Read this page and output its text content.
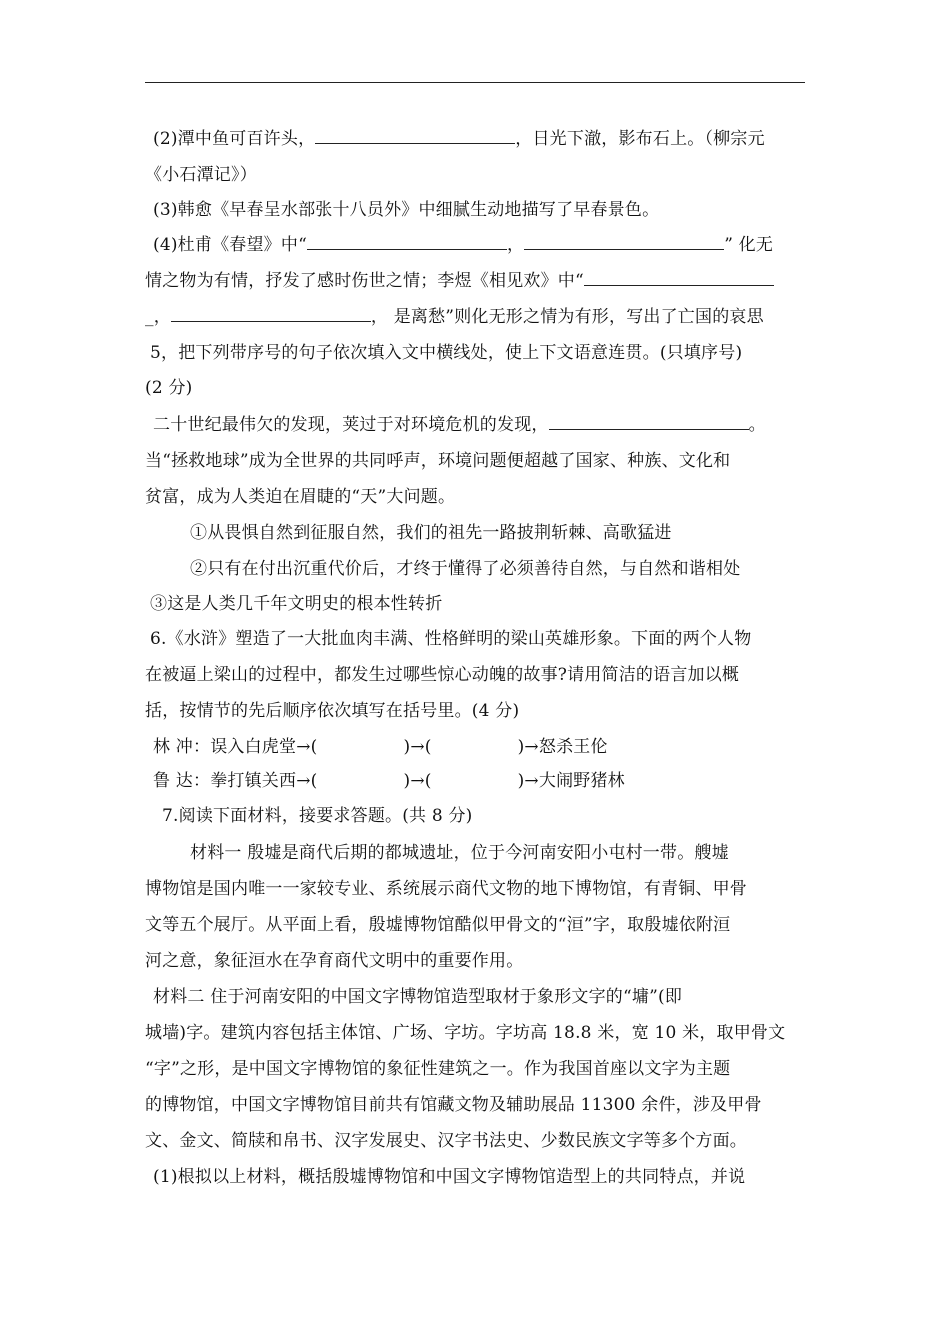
(2)潭中鱼可百许头，	，日光下澈，影布石上。（柳宗元
《小石潭记》）
(3)韩愈《早春呈水部张十八员外》中细腻生动地描写了早春景色。
(4)杜甫《春望》中“	，	” 化无
情之物为有情，抒发了感时伤世之情；李煜《相见欢》中“
_，	， 是离愁”则化无形之情为有形，写出了亡国的哀思
5，把下列带序号的句子依次填入文中横线处，使上下文语意连贯。(只填序号)
(2 分)
二十世纪最伟欠的发现，荚过于对环境危机的发现，	。
当“拯救地球”成为全世界的共同呼声，环境问题便超越了国家、种族、文化和
贫富，成为人类迫在眉睫的“天”大问题。
①从畏惧自然到征服自然，我们的祖先一路披荆斩棘、高歌猛进
②只有在付出沉重代价后，才终于懂得了必须善待自然，与自然和谐相处
③这是人类几千年文明史的根本性转折
6.《水浒》塑造了一大批血肉丰满、性格鲜明的梁山英雄形象。下面的两个人物
在被逼上梁山的过程中，都发生过哪些惊心动魄的故事?请用简洁的语言加以概
括，按情节的先后顺序依次填写在括号里。(4 分)
林 冲：误入白虎堂→(	)→(	)→怒杀王伦
鲁 达：拳打镇关西→(	)→(	)→大闹野猪林
7.阅读下面材料，接要求答题。(共 8 分)
材料一 殷墟是商代后期的都城遗址，位于今河南安阳小屯村一带。艘墟
博物馆是国内唯一一家较专业、系统展示商代文物的地下博物馆，有青铜、甲骨
文等五个展厅。从平面上看，殷墟博物馆酷似甲骨文的“洹”字，取殷墟依附洹
河之意，象征洹水在孕育商代文明中的重要作用。
材料二 住于河南安阳的中国文字博物馆造型取材于象形文字的“墉”(即
城墙)字。建筑内容包括主体馆、广场、字坊。字坊高 18.8 米，宽 10 米，取甲骨文
“字”之形，是中国文字博物馆的象征性建筑之一。作为我国首座以文字为主题
的博物馆，中国文字博物馆目前共有馆藏文物及辅助展品 11300 余件，涉及甲骨
文、金文、简牍和帛书、汉字发展史、汉字书法史、少数民族文字等多个方面。
(1)根拟以上材料，概括殷墟博物馆和中国文字博物馆造型上的共同特点，并说
